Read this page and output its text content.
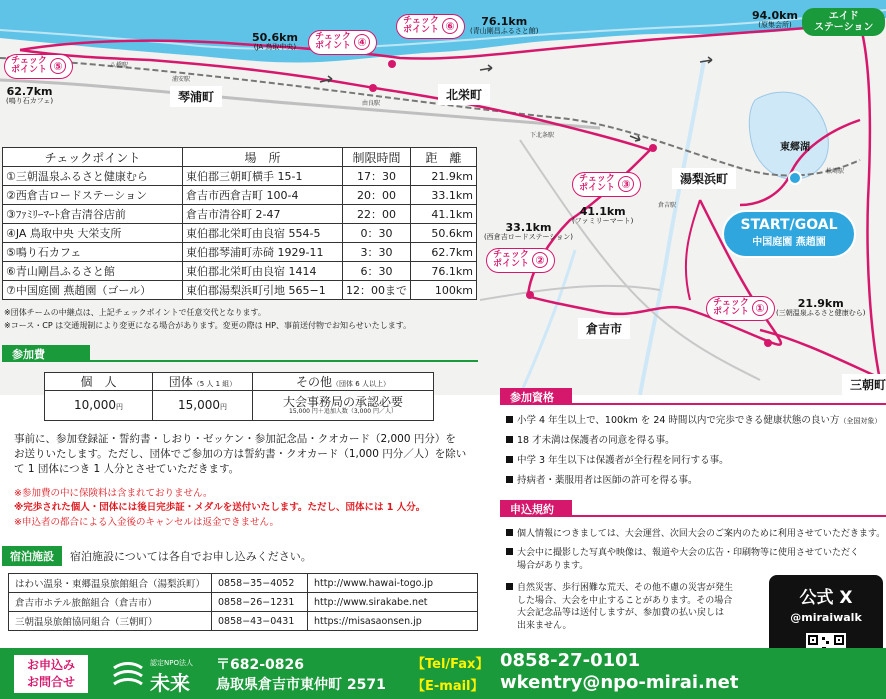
八橋駅
浦安駅
由良駅
下北条駅
松崎駅
倉吉駅
琴浦町	北栄町
湯梨浜町
倉吉市
三朝町
東郷湖
94.0km
(原集会所)
エイド
ステーション
チェック
ポイント ⑥	76.1km
(青山剛昌ふるさと館)
チェック
ポイント ④
50.6km
(JA 鳥取中央)
チェック
ポイント ⑤
62.7km
(鳴り石カフェ)
チェック
ポイント ③
41.1km
(ファミリーマート)
33.1km
(西倉吉ロードステーション)
チェック
ポイント ②
チェック
ポイント ①	21.9km
(三朝温泉ふるさと健康むら)
START/GOAL
中国庭園 燕趙園
チェックポイント	場　所	制限時間	距　離
①三朝温泉ふるさと健康むら	東伯郡三朝町横手 15-1	17：30	21.9km
②西倉吉ロードステーション	倉吉市西倉吉町 100-4	20：00	33.1km
③ﾌｧﾐﾘｰﾏｰﾄ倉吉清谷店前	倉吉市清谷町 2-47	22：00	41.1km
④JA 鳥取中央 大栄支所	東伯郡北栄町由良宿 554-5	0：30	50.6km
⑤鳴り石カフェ	東伯郡琴浦町赤碕 1929-11	3：30	62.7km
⑥青山剛昌ふるさと館	東伯郡北栄町由良宿 1414	6：30	76.1km
⑦中国庭園 燕趙園（ゴール）	東伯郡湯梨浜町引地 565−1	12：00まで	100km
※団体チームの中継点は、上記チェックポイントで任意交代となります。
※コース・CP は交通規制により変更になる場合があります。変更の際は HP、事前送付物でお知らせいたします。
参加費
個　人	団体（5 人 1 組）	その他（団体 6 人以上）
10,000円	15,000円	大会事務局の承認必要
15,000 円＋追加人数（3,000 円／人）
事前に、参加登録証・誓約書・しおり・ゼッケン・参加記念品・クオカード（2,000 円分）を
お送りいたします。ただし、団体でご参加の方は誓約書・クオカード（1,000 円分／人）を除い
て 1 団体につき 1 人分とさせていただきます。
※参加費の中に保険料は含まれておりません。
※完歩された個人・団体には後日完歩証・メダルを送付いたします。ただし、団体には 1 人分。
※申込者の都合による入金後のキャンセルは返金できません。
宿泊施設	宿泊施設については各自でお申し込みください。
はわい温泉・東郷温泉旅館組合（湯梨浜町）	0858−35−4052	http://www.hawai-togo.jp
倉吉市ホテル旅館組合（倉吉市）	0858−26−1231	http://www.sirakabe.net
三朝温泉旅館協同組合（三朝町）	0858−43−0431	https://misasaonsen.jp
参加資格
小学 4 年生以上で、100km を 24 時間以内で完歩できる健康状態の良い方（全国対象）
18 才未満は保護者の同意を得る事。
中学 3 年生以下は保護者が全行程を同行する事。
持病者・薬服用者は医師の許可を得る事。
申込規約
個人情報につきましては、大会運営、次回大会のご案内のために利用させていただきます。
大会中に撮影した写真や映像は、報道や大会の広告・印刷物等に使用させていただく
場合があります。
自然災害、歩行困難な荒天、その他不慮の災害が発生
した場合、大会を中止することがあります。その場合
大会記念品等は送付しますが、参加費の払い戻しは
出来ません。
公式 X
@miraiwalk
お申込み
お問合せ
認定NPO法人
未来
〒682-0826
鳥取県倉吉市東仲町 2571
【Tel/Fax】 0858-27-0101
【E-mail】 wkentry@npo-mirai.net
